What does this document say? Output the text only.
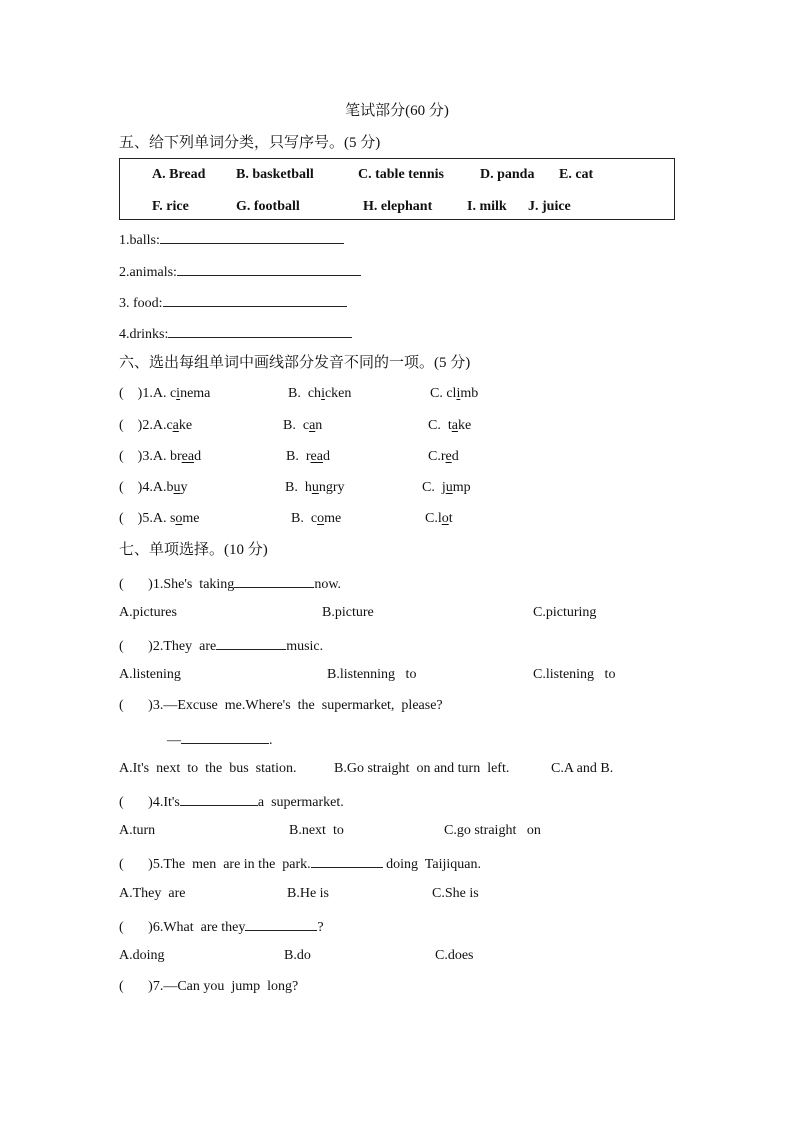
笔试部分(60 分)
五、给下列单词分类，只写序号。(5 分)
A. Bread B. basketball	C. table tennis	D. panda E. cat
F. rice	G. football	H. elephant I. milk J. juice
1.balls:
2.animals:
3. food:
4.drinks:
六、选出每组单词中画线部分发音不同的一项。(5 分)
(    )1.A. cinema	B.  chicken	C. climb
(    )2.A.cake	B.  can	C.  take
(    )3.A. bread	B.  read	C.red
(    )4.A.buy	B.  hungry	C.  jump
(    )5.A. some	B.  come	C.lot
七、单项选择。(10 分)
(       )1.She's  taking	now.
A.pictures	B.picture	C.picturing
(       )2.They  are	music.
A.listening	B.listenning   to	C.listening   to
(       )3.—Excuse  me.Where's  the  supermarket,  please?
—	.
A.It's  next  to  the  bus  station.	B.Go straight  on and turn  left.	C.A and B.
(       )4.It's	a  supermarket.
A.turn	B.next  to	C.go straight   on
(       )5.The  men  are in the  park.	doing  Taijiquan.
A.They  are	B.He is	C.She is
(       )6.What  are they	?
A.doing	B.do	C.does
(       )7.—Can you  jump  long?
